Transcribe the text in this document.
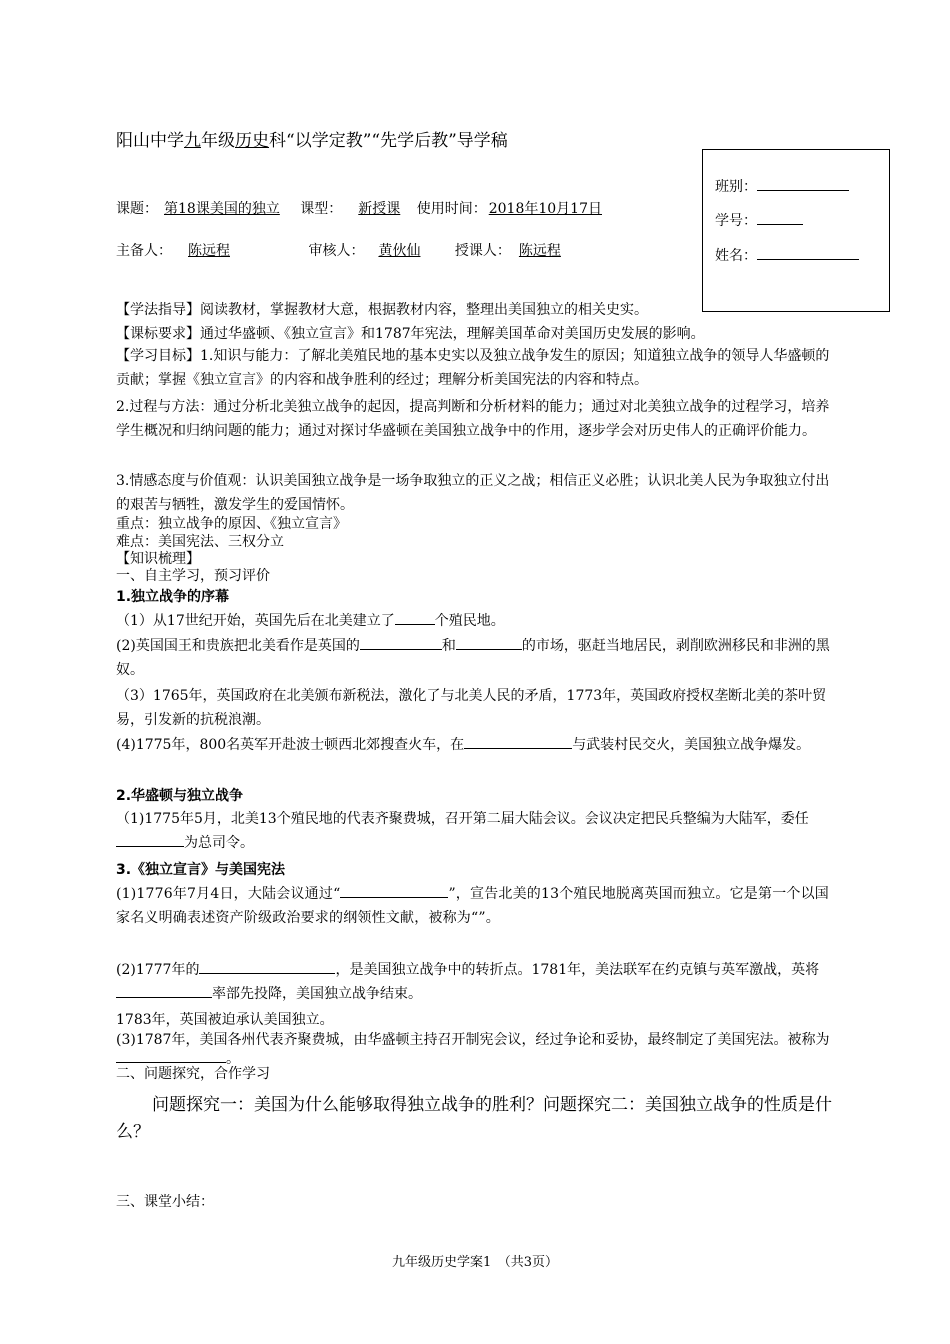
阳山中学九年级历史科“以学定教”“先学后教”导学稿
课题： 第18课美国的独立 课型： 新授课 使用时间： 2018年10月17日
主备人： 陈远程	审核人： 黄伙仙 授课人： 陈远程
班别：
学号：
姓名：
【学法指导】阅读教材，掌握教材大意，根据教材内容，整理出美国独立的相关史实。
【课标要求】通过华盛顿、《独立宣言》和1787年宪法，理解美国革命对美国历史发展的影响。
【学习目标】1.知识与能力：了解北美殖民地的基本史实以及独立战争发生的原因；知道独立战争的领导人华盛顿的贡献；掌握《独立宣言》的内容和战争胜利的经过；理解分析美国宪法的内容和特点。
2.过程与方法：通过分析北美独立战争的起因，提高判断和分析材料的能力；通过对北美独立战争的过程学习，培养学生概况和归纳问题的能力；通过对探讨华盛顿在美国独立战争中的作用，逐步学会对历史伟人的正确评价能力。
3.情感态度与价值观：认识美国独立战争是一场争取独立的正义之战；相信正义必胜；认识北美人民为争取独立付出的艰苦与牺牲，激发学生的爱国情怀。
重点：独立战争的原因、《独立宣言》
难点：美国宪法、三权分立
【知识梳理】
一、自主学习，预习评价
1.独立战争的序幕
（1）从17世纪开始，英国先后在北美建立了	个殖民地。
(2)英国国王和贵族把北美看作是英国的	和	的市场，驱赶当地居民，剥削欧洲移民和非洲的黑奴。
（3）1765年，英国政府在北美颁布新税法，激化了与北美人民的矛盾，1773年，英国政府授权垄断北美的茶叶贸易，引发新的抗税浪潮。
(4)1775年，800名英军开赴波士顿西北郊搜查火车，在	与武装村民交火，美国独立战争爆发。
2.华盛顿与独立战争
（1)1775年5月，北美13个殖民地的代表齐聚费城，召开第二届大陆会议。会议决定把民兵整编为大陆军，委任为总司令。
3.《独立宣言》与美国宪法
(1)1776年7月4日，大陆会议通过“	”，宣告北美的13个殖民地脱离英国而独立。它是第一个以国家名义明确表述资产阶级政治要求的纲领性文献，被称为“”。
(2)1777年的	，是美国独立战争中的转折点。1781年，美法联军在约克镇与英军激战，英将率部先投降，美国独立战争结束。
1783年，英国被迫承认美国独立。
(3)1787年，美国各州代表齐聚费城，由华盛顿主持召开制宪会议，经过争论和妥协，最终制定了美国宪法。被称为。
二、问题探究，合作学习
问题探究一：美国为什么能够取得独立战争的胜利？问题探究二：美国独立战争的性质是什么？
三、课堂小结：
九年级历史学案1　（共3页）
